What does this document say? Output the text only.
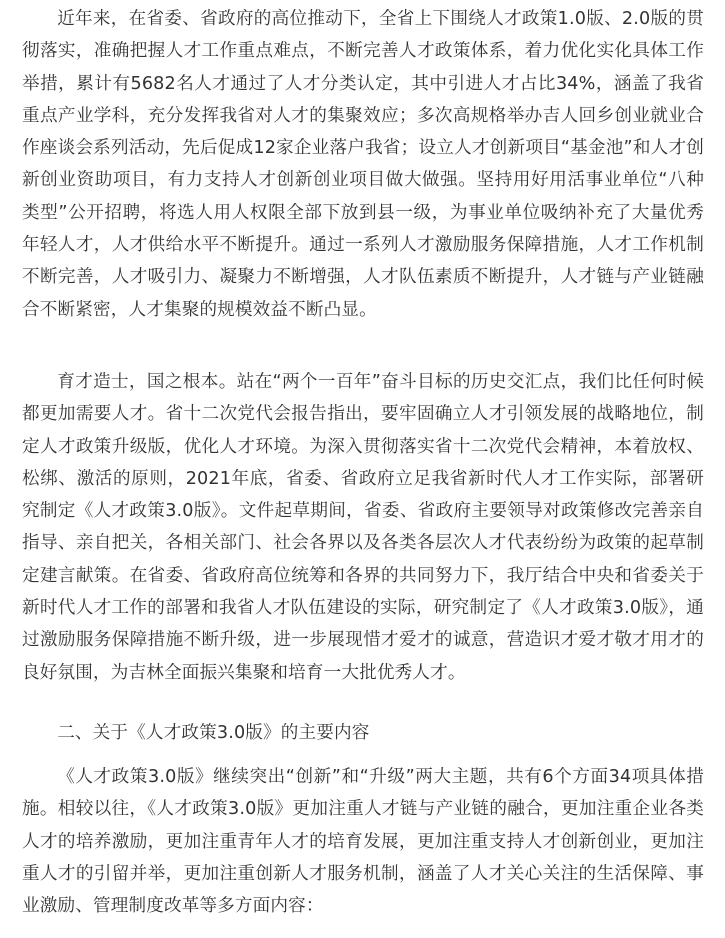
近年来，在省委、省政府的高位推动下，全省上下围绕人才政策1.0版、2.0版的贯彻落实，准确把握人才工作重点难点，不断完善人才政策体系，着力优化实化具体工作举措，累计有5682名人才通过了人才分类认定，其中引进人才占比34%，涵盖了我省重点产业学科，充分发挥我省对人才的集聚效应；多次高规格举办吉人回乡创业就业合作座谈会系列活动，先后促成12家企业落户我省；设立人才创新项目“基金池”和人才创新创业资助项目，有力支持人才创新创业项目做大做强。坚持用好用活事业单位“八种类型”公开招聘，将选人用人权限全部下放到县一级，为事业单位吸纳补充了大量优秀年轻人才，人才供给水平不断提升。通过一系列人才激励服务保障措施，人才工作机制不断完善，人才吸引力、凝聚力不断增强，人才队伍素质不断提升，人才链与产业链融合不断紧密，人才集聚的规模效益不断凸显。

育才造士，国之根本。站在“两个一百年”奋斗目标的历史交汇点，我们比任何时候都更加需要人才。省十二次党代会报告指出，要牢固确立人才引领发展的战略地位，制定人才政策升级版，优化人才环境。为深入贯彻落实省十二次党代会精神，本着放权、松绑、激活的原则，2021年底，省委、省政府立足我省新时代人才工作实际，部署研究制定《人才政策3.0版》。文件起草期间，省委、省政府主要领导对政策修改完善亲自指导、亲自把关，各相关部门、社会各界以及各类各层次人才代表纷纷为政策的起草制定建言献策。在省委、省政府高位统筹和各界的共同努力下，我厅结合中央和省委关于新时代人才工作的部署和我省人才队伍建设的实际，研究制定了《人才政策3.0版》，通过激励服务保障措施不断升级，进一步展现惜才爱才的诚意，营造识才爱才敬才用才的良好氛围，为吉林全面振兴集聚和培育一大批优秀人才。

二、关于《人才政策3.0版》的主要内容

《人才政策3.0版》继续突出“创新”和“升级”两大主题，共有6个方面34项具体措施。相较以往，《人才政策3.0版》更加注重人才链与产业链的融合，更加注重企业各类人才的培养激励，更加注重青年人才的培育发展，更加注重支持人才创新创业，更加注重人才的引留并举，更加注重创新人才服务机制，涵盖了人才关心关注的生活保障、事业激励、管理制度改革等多方面内容：
